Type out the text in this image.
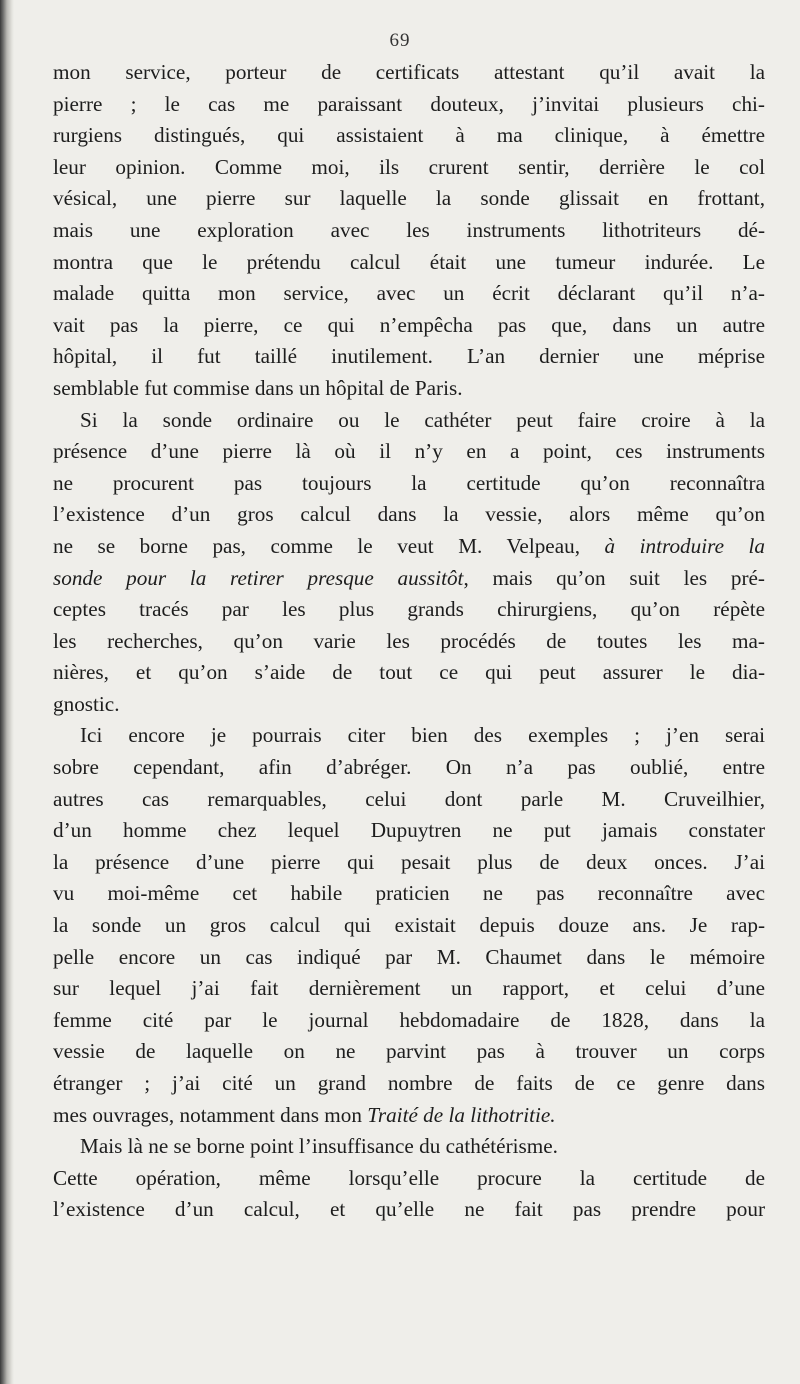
69
mon service, porteur de certificats attestant qu’il avait la
pierre ; le cas me paraissant douteux, j’invitai plusieurs chi-
rurgiens distingués, qui assistaient à ma clinique, à émettre
leur opinion. Comme moi, ils crurent sentir, derrière le col
vésical, une pierre sur laquelle la sonde glissait en frottant,
mais une exploration avec les instruments lithotriteurs dé-
montra que le prétendu calcul était une tumeur indurée. Le
malade quitta mon service, avec un écrit déclarant qu’il n’a-
vait pas la pierre, ce qui n’empêcha pas que, dans un autre
hôpital, il fut taillé inutilement. L’an dernier une méprise
semblable fut commise dans un hôpital de Paris.
Si la sonde ordinaire ou le cathéter peut faire croire à la
présence d’une pierre là où il n’y en a point, ces instruments
ne procurent pas toujours la certitude qu’on reconnaîtra
l’existence d’un gros calcul dans la vessie, alors même qu’on
ne se borne pas, comme le veut M. Velpeau, à introduire la
sonde pour la retirer presque aussitôt, mais qu’on suit les pré-
ceptes tracés par les plus grands chirurgiens, qu’on répète
les recherches, qu’on varie les procédés de toutes les ma-
nières, et qu’on s’aide de tout ce qui peut assurer le dia-
gnostic.
Ici encore je pourrais citer bien des exemples ; j’en serai
sobre cependant, afin d’abréger. On n’a pas oublié, entre
autres cas remarquables, celui dont parle M. Cruveilhier,
d’un homme chez lequel Dupuytren ne put jamais constater
la présence d’une pierre qui pesait plus de deux onces. J’ai
vu moi-même cet habile praticien ne pas reconnaître avec
la sonde un gros calcul qui existait depuis douze ans. Je rap-
pelle encore un cas indiqué par M. Chaumet dans le mémoire
sur lequel j’ai fait dernièrement un rapport, et celui d’une
femme cité par le journal hebdomadaire de 1828, dans la
vessie de laquelle on ne parvint pas à trouver un corps
étranger ; j’ai cité un grand nombre de faits de ce genre dans
mes ouvrages, notamment dans mon Traité de la lithotritie.
Mais là ne se borne point l’insuffisance du cathétérisme.
Cette opération, même lorsqu’elle procure la certitude de
l’existence d’un calcul, et qu’elle ne fait pas prendre pour
